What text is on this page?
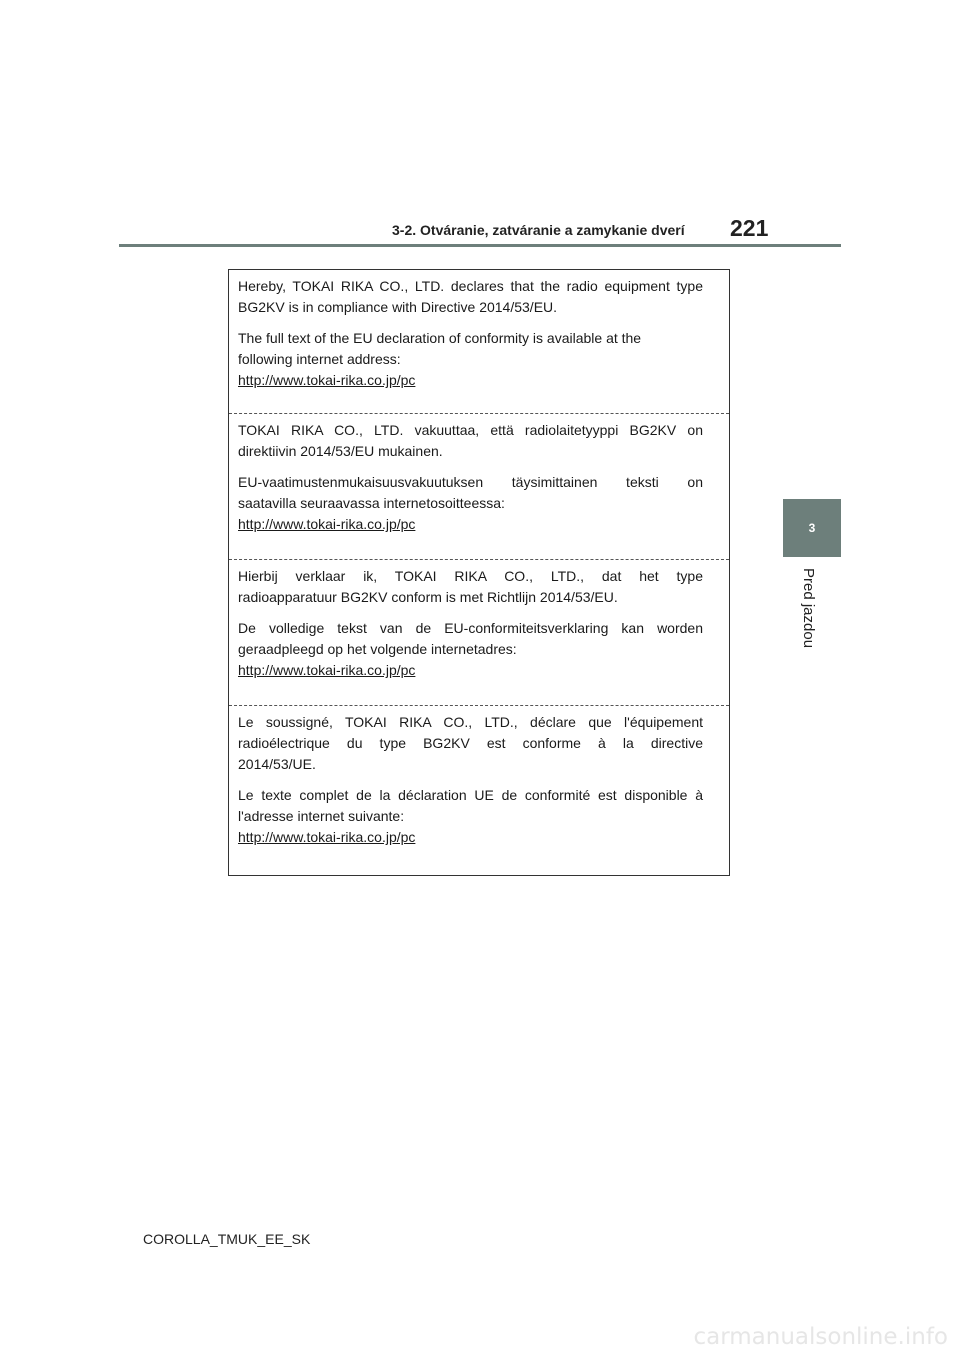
3-2. Otváranie, zatváranie a zamykanie dverí 221
3
Pred jazdou

Hereby, TOKAI RIKA CO., LTD. declares that the radio equipment type
BG2KV is in compliance with Directive 2014/53/EU.

The full text of the EU declaration of conformity is available at the
following internet address:
http://www.tokai-rika.co.jp/pc

TOKAI RIKA CO., LTD. vakuuttaa, että radiolaitetyyppi BG2KV on
direktiivin 2014/53/EU mukainen.

EU-vaatimustenmukaisuusvakuutuksen täysimittainen teksti on
saatavilla seuraavassa internetosoitteessa:
http://www.tokai-rika.co.jp/pc

Hierbij verklaar ik, TOKAI RIKA CO., LTD., dat het type
radioapparatuur BG2KV conform is met Richtlijn 2014/53/EU.

De volledige tekst van de EU-conformiteitsverklaring kan worden
geraadpleegd op het volgende internetadres:
http://www.tokai-rika.co.jp/pc

Le soussigné, TOKAI RIKA CO., LTD., déclare que l'équipement
radioélectrique du type BG2KV est conforme à la directive
2014/53/UE.

Le texte complet de la déclaration UE de conformité est disponible à
l'adresse internet suivante:
http://www.tokai-rika.co.jp/pc

COROLLA_TMUK_EE_SK
carmanualsonline.info
